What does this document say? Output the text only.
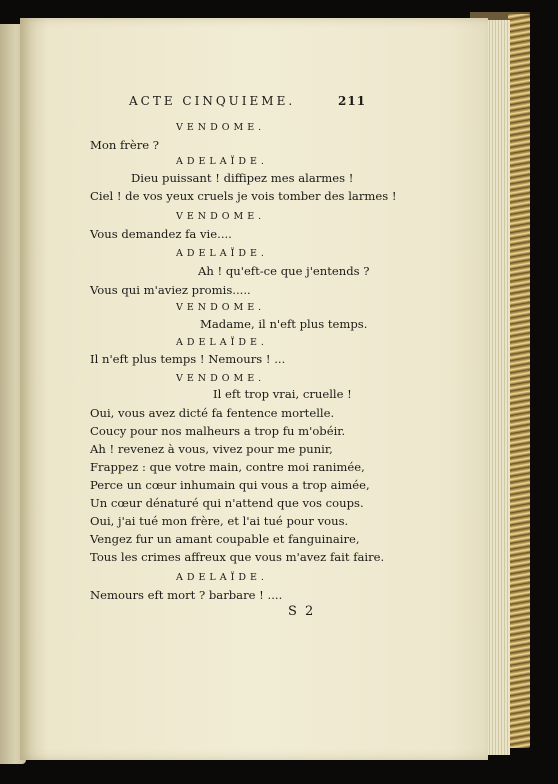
ACTE CINQUIEME.	211
VENDOME.
Mon frère ?
ADELAÏDE.
Dieu puissant ! diffipez mes alarmes !
Ciel ! de vos yeux cruels je vois tomber des larmes !
VENDOME.
Vous demandez fa vie....
ADELAÏDE.
Ah ! qu'eft-ce que j'entends ?
Vous qui m'aviez promis.....
VENDOME.
Madame, il n'eft plus temps.
ADELAÏDE.
Il n'eft plus temps ! Nemours ! ...
VENDOME.
Il eft trop vrai, cruelle !
Oui, vous avez dicté fa fentence mortelle.
Coucy pour nos malheurs a trop fu m'obéir.
Ah ! revenez à vous, vivez pour me punir,
Frappez : que votre main, contre moi ranimée,
Perce un cœur inhumain qui vous a trop aimée,
Un cœur dénaturé qui n'attend que vos coups.
Oui, j'ai tué mon frère, et l'ai tué pour vous.
Vengez fur un amant coupable et fanguinaire,
Tous les crimes affreux que vous m'avez fait faire.
ADELAÏDE.
Nemours eft mort ? barbare ! ....
S 2
